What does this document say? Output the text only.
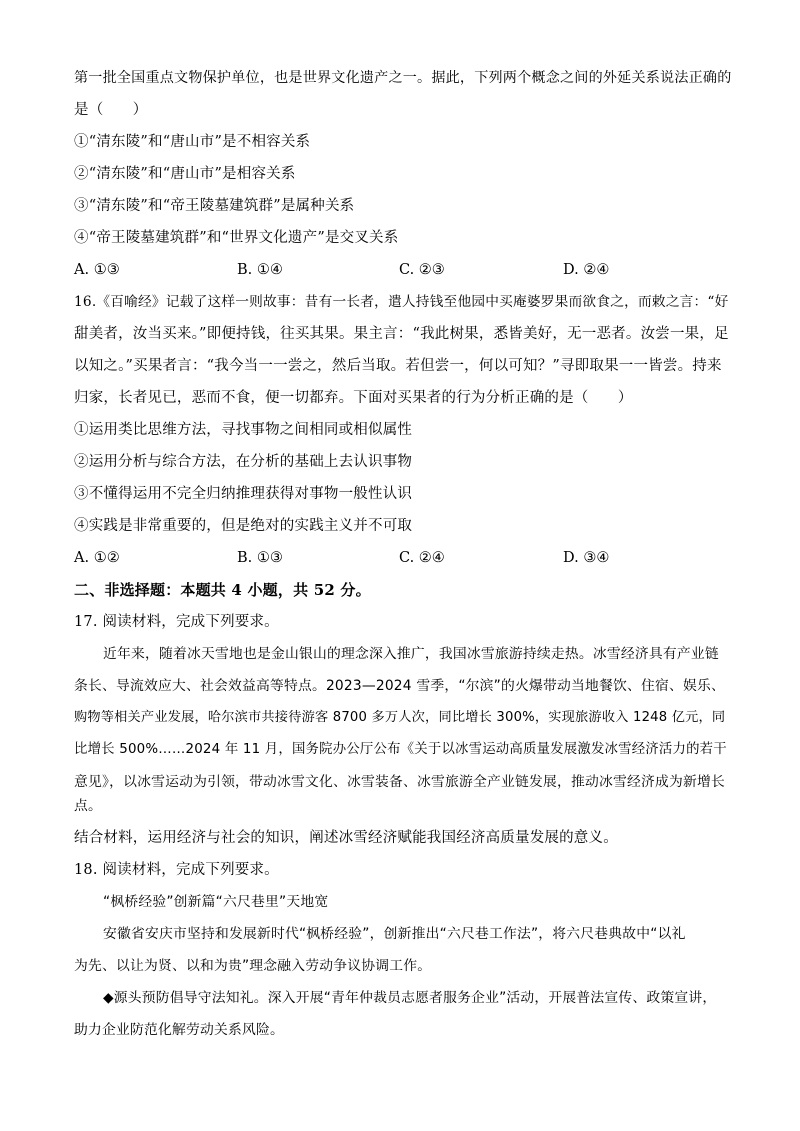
第一批全国重点文物保护单位，也是世界文化遗产之一。据此，下列两个概念之间的外延关系说法正确的
是（　　）
①“清东陵”和“唐山市”是不相容关系
②“清东陵”和“唐山市”是相容关系
③“清东陵”和“帝王陵墓建筑群”是属种关系
④“帝王陵墓建筑群”和“世界文化遗产”是交叉关系
A. ①③	B. ①④	C. ②③	D. ②④
16.《百喻经》记载了这样一则故事：昔有一长者，遣人持钱至他园中买庵婆罗果而欲食之，而敕之言：“好
甜美者，汝当买来。”即便持钱，往买其果。果主言：“我此树果，悉皆美好，无一恶者。汝尝一果，足
以知之。”买果者言：“我今当一一尝之，然后当取。若但尝一，何以可知？”寻即取果一一皆尝。持来
归家，长者见已，恶而不食，便一切都弃。下面对买果者的行为分析正确的是（　　）
①运用类比思维方法，寻找事物之间相同或相似属性
②运用分析与综合方法，在分析的基础上去认识事物
③不懂得运用不完全归纳推理获得对事物一般性认识
④实践是非常重要的，但是绝对的实践主义并不可取
A. ①②	B. ①③	C. ②④	D. ③④
二、非选择题：本题共 4 小题，共 52 分。
17. 阅读材料，完成下列要求。
近年来，随着冰天雪地也是金山银山的理念深入推广，我国冰雪旅游持续走热。冰雪经济具有产业链
条长、导流效应大、社会效益高等特点。2023—2024 雪季，“尔滨”的火爆带动当地餐饮、住宿、娱乐、
购物等相关产业发展，哈尔滨市共接待游客 8700 多万人次，同比增长 300%，实现旅游收入 1248 亿元，同
比增长 500%……2024 年 11 月，国务院办公厅公布《关于以冰雪运动高质量发展激发冰雪经济活力的若干
意见》，以冰雪运动为引领，带动冰雪文化、冰雪装备、冰雪旅游全产业链发展，推动冰雪经济成为新增长
点。
结合材料，运用经济与社会的知识，阐述冰雪经济赋能我国经济高质量发展的意义。
18. 阅读材料，完成下列要求。
“枫桥经验”创新篇“六尺巷里”天地宽
安徽省安庆市坚持和发展新时代“枫桥经验”，创新推出“六尺巷工作法”，将六尺巷典故中“以礼
为先、以让为贤、以和为贵”理念融入劳动争议协调工作。
◆源头预防倡导守法知礼。深入开展“青年仲裁员志愿者服务企业”活动，开展普法宣传、政策宣讲，
助力企业防范化解劳动关系风险。
